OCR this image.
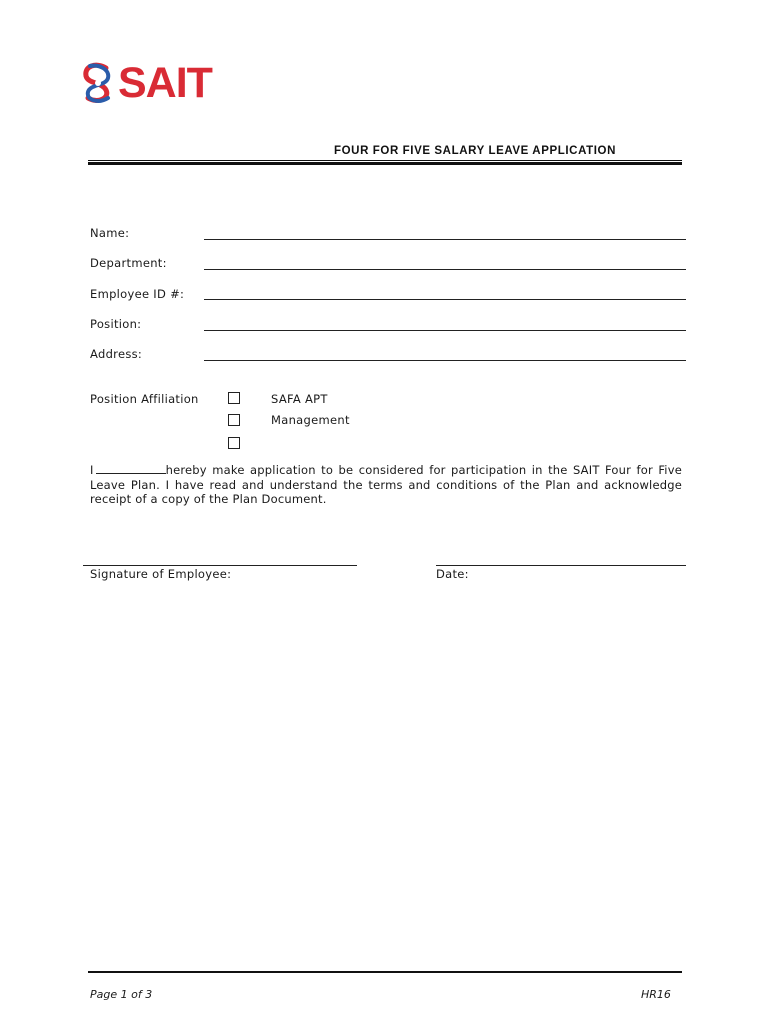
SAIT
FOUR FOR FIVE SALARY LEAVE APPLICATION
Name:
Department:
Employee ID #:
Position:
Address:
Position Affiliation	SAFA APT
Management
I	hereby make application to be considered for participation in the SAIT Four for Five Leave Plan. I have read and understand the terms and conditions of the Plan and acknowledge receipt of a copy of the Plan Document.
Signature of Employee:	Date:
Page 1 of 3	HR16
